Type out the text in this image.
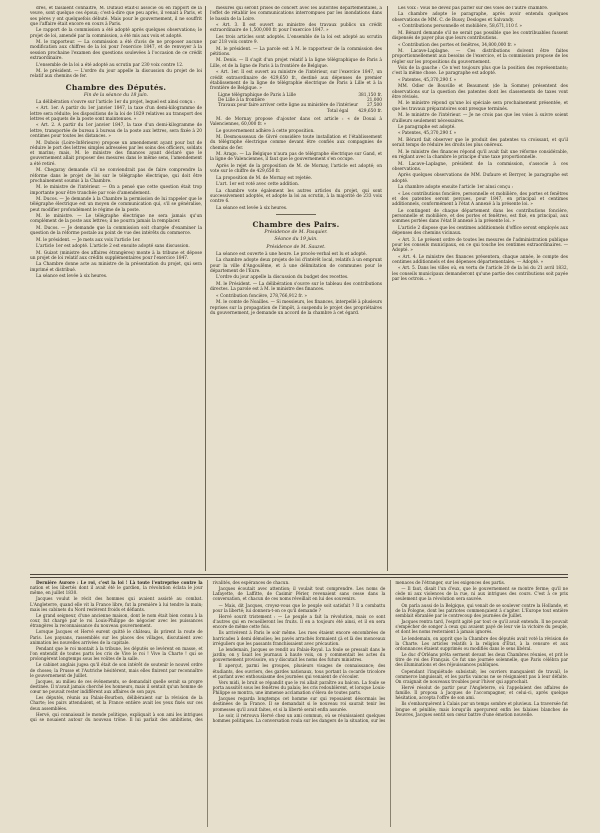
dres, et faisaient connaître, M. Dufaud était-il associé ou en rapport de la veuve, sont quelque ces époux; c'est-à-dire que peu après, il venait à Paris, et ses pères y ont quelquefois débuté. Mais pour le gouvernement, il ne souffrit que l'affaire était encore en cours à Paris.

Le rapport de la commission a été adopté après quelques observations; le projet de loi, amendé par la commission, a été mis aux voix et adopté.

M. le rapporteur. — La commission a été d'avis de ne proposer aucune modification aux chiffres de la loi pour l'exercice 1847, et de renvoyer à la session prochaine l'examen des questions soulevées à l'occasion de ce crédit extraordinaire.

L'ensemble de la loi a été adopté au scrutin par 230 voix contre 12.

M. le président. — L'ordre du jour appelle la discussion du projet de loi relatif aux chemins de fer.

Chambre des Députés.
Fin de la séance du 18 juin.

La délibération s'ouvre sur l'article 1er du projet, lequel est ainsi conçu :

« Art. 1er. A partir du 1er janvier 1847, la taxe d'un demi-kilogramme de lettre sera réduite; les dispositions de la loi de 1829 relatives au transport des lettres et paquets de la poste sont maintenues. »

« Art. 2. A partir du 1er janvier 1847, la taxe d'un demi-kilogramme de lettre, transportée de bureau à bureau de la poste aux lettres, sera fixée à 20 centimes pour toutes les distances. »

M. Dubois (Loire-Inférieure) propose un amendement ayant pour but de réduire le port des lettres simples adressées par les soins des officiers, soldats et marins; mais, M. le ministre des finances ayant déclaré que le gouvernement allait proposer des mesures dans le même sens, l'amendement a été retiré.

M. Chegaray demande s'il ne conviendrait pas de faire comprendre la réforme dans le projet de loi sur le télégraphe électrique, qui doit être prochainement soumis à la Chambre.

M. le ministre de l'intérieur. — On a pensé que cette question était trop importante pour être tranchée par voie d'amendement.

M. Ducos. — Je demande à la Chambre la permission de lui rappeler que le télégraphe électrique est un moyen de communication qui, s'il se généralise, peut modifier profondément le régime de la poste.

M. le ministre. — Le télégraphe électrique ne sera jamais qu'un complément de la poste aux lettres; il ne pourra jamais la remplacer.

M. Ducos. — Je demande que la commission soit chargée d'examiner la question de la réforme postale au point de vue des intérêts du commerce.

M. le président. — Je mets aux voix l'article 1er.

L'article 1er est adopté. L'article 2 est ensuite adopté sans discussion.

M. Guizot (ministre des affaires étrangères) monte à la tribune et dépose un projet de loi relatif aux crédits supplémentaires pour l'exercice 1847.

La Chambre donne acte au ministre de la présentation du projet, qui sera imprimé et distribué.

La séance est levée à six heures.

mesures qui seront prises de concert avec les autorités départementales, à l'effet de rétablir les communications interrompues par les inondations dans le bassin de la Loire.

« Art. 3. Il est ouvert au ministre des travaux publics un crédit extraordinaire de 1,500,000 fr. pour l'exercice 1847. »

Les trois articles sont adoptés. L'ensemble de la loi est adopté au scrutin par 218 voix contre 9.

M. le président. — La parole est à M. le rapporteur de la commission des pétitions.

M. Denis. — Il s'agit d'un projet relatif à la ligne télégraphique de Paris à Lille, et de la ligne de Paris à la frontière de Belgique.

« Art. 1er. Il est ouvert au ministre de l'intérieur, sur l'exercice 1847, un crédit extraordinaire de 429,650 fr., destiné aux dépenses de premier établissement de la ligne de télégraphie électrique de Paris à Lille et à la frontière de Belgique. »

Ligne télégraphique de Paris à Lille	381,150 fr.
De Lille à la frontière	21,000
Travaux pour faire arriver cette ligne au ministère de l'intérieur 27,500
Total égal 429,650 fr.

M. de Mornay propose d'ajouter dans cet article : « de Douai à Valenciennes, 60,000 fr. »

Le gouvernement adhère à cette proposition.

M. Desmousseaux de Givré considère toute installation et l'établissement du télégraphe électrique comme devant être confiés aux compagnies de chemins de fer.

M. Arago. — La Belgique n'aura pas de télégraphe électrique sur Gand, et la ligne de Valenciennes, il faut que le gouvernement s'en occupe.

Après le rejet de la proposition de M. de Mornay, l'article est adopté; on vote sur le chiffre de 429,650 fr.

La proposition de M. de Mornay est rejetée.

L'art. 1er est voté avec cette addition.

La chambre vote également les autres articles du projet, qui sont successivement adoptés, et adopte la loi au scrutin, à la majorité de 233 voix contre 6.

La séance est levée à six heures.

Chambre des Pairs.
Présidence de M. Pasquier.
Séance du 19 juin.
Présidence de M. Sauzet.

La séance est ouverte à une heure. Le procès-verbal est lu et adopté.

La chambre adopte deux projets de loi d'intérêt local, relatifs à un emprunt pour la ville d'Angoulême, et à une délimitation de communes pour le département de l'Eure.

L'ordre du jour appelle la discussion du budget des recettes.

M. le Président. — La délibération s'ouvre sur le tableau des contributions directes. La parole est à M. le ministre des finances.

« Contribution foncière, 278,766,912 fr. »

M. le comte de Noailles. — Si messieurs, les finances, interpellé à plusieurs reprises sur la propagation de l'impôt, à suspendu le projet des propriétaires du gouvernement, je demande un accord de la chambre à cet égard.

Les voix : Vous ne devez pas parler sur des voies de l'autre chambre.

La chambre adopte le paragraphe, après avoir entendu quelques observations de MM. C. de Bussy, Desloges et Salvandy.

« Contributions personnelle et mobilière, 58,671,110 f. »

M. Bénard demande s'il ne serait pas possible que les contribuables fussent dispensés de payer plus que leurs contributions.

« Contribution des portes et fenêtres, 34,800,000 fr. »

M. Lacave-Laplagne. — Ces distributions doivent être faites proportionnellement aux besoins de l'exercice, et la commission propose de les régler sur les propositions du gouvernement.

Voix de la gauche : Ce n'est toujours plus que la position des représentants; c'est la même chose. Le paragraphe est adopté.

« Patentes, 45,370,290 f. »

MM. Odier de Bouville et Beaumont (de la Somme) présentent des observations sur la question des patentes dont les classements de taxes vont être révisés.

M. le ministre répond qu'une loi spéciale sera prochainement présentée, et que les travaux préparatoires sont presque terminés.

M. le ministre de l'intérieur. — Je ne crois pas que les voies à suivre soient d'ailleurs seulement nécessaires.

Le paragraphe est adopté.

« Patentes, 45,370,290 f. »

M. Bérard fait observer que le produit des patentes va croissant, et qu'il serait temps de réduire les droits les plus onéreux.

M. le ministre des finances répond qu'il avait fait une réforme considérable, en réglant avec la chambre le principe d'une taxe proportionnelle.

M. Lacave-Laplagne, président de la commission, s'associe à ces observations.

Après quelques observations de MM. Dufaure et Berryer, le paragraphe est adopté.

La chambre adopte ensuite l'article 1er ainsi conçu :

« Les contributions foncière, personnelle et mobilière, des portes et fenêtres et des patentes seront perçues, pour 1847, en principal et centimes additionnels, conformément à l'état A annexé à la présente loi. »

Le contingent de chaque département dans les contributions foncière, personnelle et mobilière, et des portes et fenêtres, est fixé, en principal, aux sommes portées dans l'état B annexé à la présente loi. »

L'article 2 dispose que les centimes additionnels d'office seront employés aux dépenses des chemins vicinaux.

« Art. 3. Le présent ordre de toutes les mesures de l'administration publique pour les conseils municipaux, en ce qui touche les centimes extraordinaires. — Adopté. »

« Art. 4. Le ministre des finances présentera, chaque année, le compte des centimes additionnels et des dépenses départementales. — Adopté. »

« Art. 5. Dans les villes où, en vertu de l'article 20 de la loi du 21 avril 1832, les conseils municipaux demanderont qu'une partie des contributions soit payée par les octrois... »

Dernière Aurore : Le roi, c'est la loi ! Là toute l'entreprise contre la nation et les libertés dont il avait été le gardien, la révolution éclata le jour même, en juillet 1830.

Jacques voulut le récit des hommes qui avaient assisté au combat. L'Angleterre, quand elle vit la France libre, fut la première à lui tendre la main; mais les cabinets du Nord restèrent froids et défiants.

Le grand seigneur, d'une ancienne maison, dont le nom était bien connu à la cour, fut chargé par le roi Louis-Philippe de négocier avec les puissances étrangères la reconnaissance du nouveau gouvernement.

Lorsque Jacques et Hervé eurent quitté le château, ils prirent la route de Paris. Les paysans, rassemblés sur les places des villages, discutaient avec animation les nouvelles arrivées de la capitale.

Pendant que le roi montait à la tribune, les députés se levèrent en masse, et l'on entendit de toutes parts les cris de Vive le roi ! Vive la Charte ! qui se prolongèrent longtemps sous les voûtes de la salle.

Le cabinet anglais jugea qu'il était de son intérêt de soutenir le nouvel ordre de choses; la Prusse et l'Autriche hésitèrent, mais elles finirent par reconnaître le gouvernement de Juillet.

Jacques, au milieu de ces événements, se demandait quelle serait sa propre destinée. Il n'avait jamais cherché les honneurs, mais il sentait qu'un homme de cœur ne pouvait rester indifférent aux affaires de son pays.

Les députés, réunis au Palais-Bourbon, délibéraient sur la révision de la Charte; les pairs attendaient, et la France entière avait les yeux fixés sur ces deux assemblées.

Hervé, qui connaissait le monde politique, expliquait à son ami les intrigues qui se nouaient autour du nouveau trône. Il lui parlait des ambitions, des rivalités, des espérances de chacun.

Jacques écoutait avec attention; il voulait tout comprendre. Les noms de Lafayette, de Laffitte, de Casimir Périer, revenaient sans cesse dans la conversation, et chacun de ces noms réveillait en lui des souvenirs.

— Mais, dit Jacques, croyez-vous que le peuple soit satisfait ? Il a combattu pour la liberté; lui donnera-t-on ce qu'il demande ?

Hervé sourit tristement : — Le peuple a fait la révolution, mais ce sont d'autres qui en recueilleront les fruits. Il en a toujours été ainsi, et il en sera encore de même cette fois.

Ils arrivèrent à Paris le soir même. Les rues étaient encore encombrées de barricades à demi démolies; les pavés arrachés formaient çà et là des monceaux irréguliers que les passants franchissaient avec précaution.

Le lendemain, Jacques se rendit au Palais-Royal. La foule se pressait dans le jardin; on y lisait les journaux à haute voix, on y commentait les actes du gouvernement provisoire, on y discutait les noms des futurs ministres.

Il aperçut, parmi les groupes, plusieurs visages de connaissance; des étudiants, des ouvriers, des gardes nationaux, tous portant la cocarde tricolore et parlant avec enthousiasme des journées qui venaient de s'écouler.

Vers midi, le bruit se répandit que le roi allait paraître au balcon. La foule se porta aussitôt sous les fenêtres du palais; les cris redoublèrent, et lorsque Louis-Philippe se montra, une immense acclamation s'éleva de toutes parts.

Jacques regarda longtemps cet homme sur qui reposaient désormais les destinées de la France. Il se demandait si le nouveau roi saurait tenir les promesses qu'il avait faites, et si la liberté serait enfin assurée.

Le soir, il retrouva Hervé chez un ami commun, où se réunissaient quelques hommes politiques. La conversation roula sur les dangers de la situation, sur les menaces de l'étranger, sur les exigences des partis.

— Il faut, disait l'un d'eux, que le gouvernement se montre ferme; qu'il ne cède ni aux violences de la rue, ni aux intrigues des cours. C'est à ce prix seulement que la révolution sera sauvée.

On parla aussi de la Belgique, qui venait de se soulever contre la Hollande, et de la Pologne, dont les patriotes commençaient à s'agiter. L'Europe tout entière semblait ébranlée par le contrecoup des journées de Juillet.

Jacques rentra tard, l'esprit agité par tout ce qu'il avait entendu. Il ne pouvait s'empêcher de songer à ceux qui avaient payé de leur vie la victoire du peuple, et dont les noms resteraient à jamais ignorés.

Le lendemain, on apprit que la Chambre des députés avait voté la révision de la Charte. Les articles relatifs à la religion d'État, à la censure et aux ordonnances étaient supprimés ou modifiés dans le sens libéral.

Le duc d'Orléans prêta serment devant les deux Chambres réunies, et prit le titre de roi des Français. Ce fut une journée solennelle, que Paris célébra par des illuminations et des réjouissances publiques.

Cependant l'inquiétude subsistait; les ouvriers manquaient de travail, le commerce languissait, et les partis vaincus ne se résignaient pas à leur défaite. On craignait de nouveaux troubles pour l'hiver qui approchait.

Hervé résolut de partir pour l'Angleterre, où l'appelaient des affaires de famille. Il proposa à Jacques de l'accompagner, et celui-ci, après quelque hésitation, accepta l'offre de son ami.

Ils s'embarquèrent à Calais par un temps sombre et pluvieux. La traversée fut longue et pénible; mais lorsqu'ils aperçurent enfin les falaises blanches de Douvres, Jacques sentit son cœur battre d'une émotion nouvelle.
